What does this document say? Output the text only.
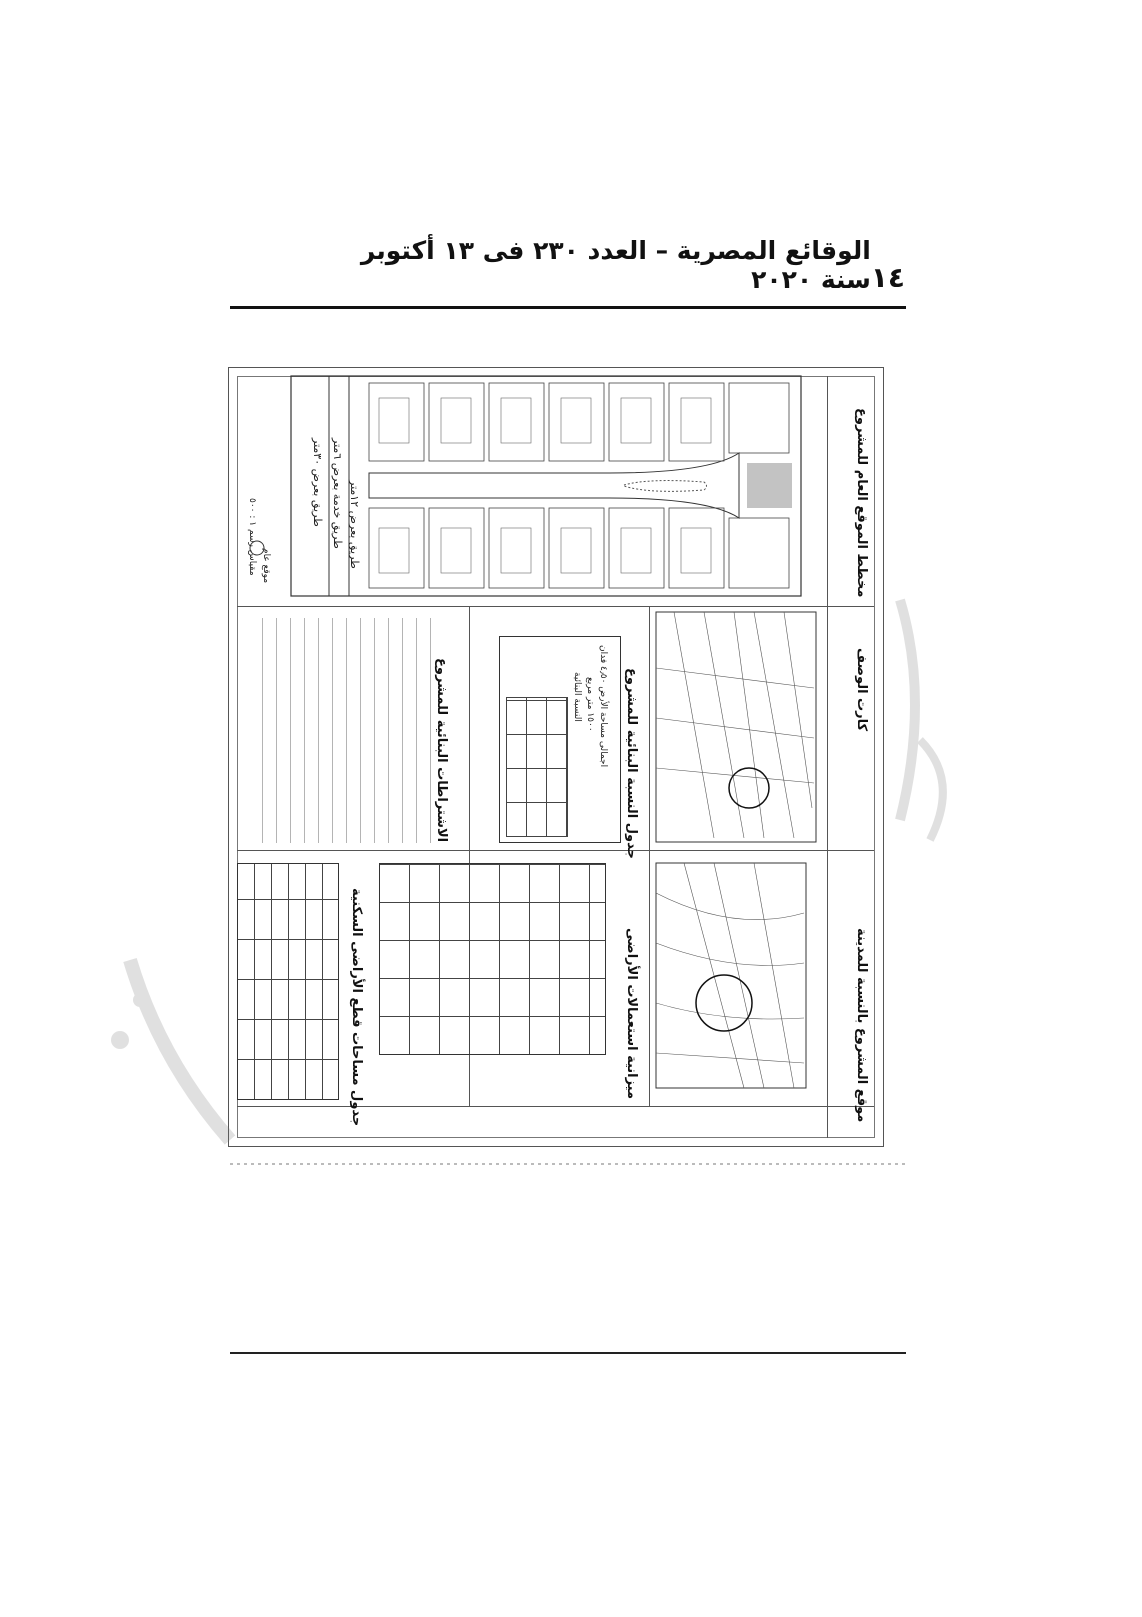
١٤
الوقائع المصرية – العدد ٢٣٠ فى ١٣ أكتوبر سنة ٢٠٢٠
مخطط الموقع العام للمشروع
طريق بعرض ١٢متر
طريق خدمة بعرض ٦متر
طريق بعرض ٣٠متر
موقع عام
مقياس رسم ١ : ٥٠٠
كارت الوصف
جدول النسبة البنائية للمشروع
اجمالى مساحة الأرض ٤٫٥٠ فدان
١٥٠٠ متر مربع
النسبة البنائية
الاشتراطات البنائية للمشروع
موقع المشروع بالنسبة للمدينة
ميزانية استعمالات الأراضى
جدول مساحات قطع الأراضى السكنية
